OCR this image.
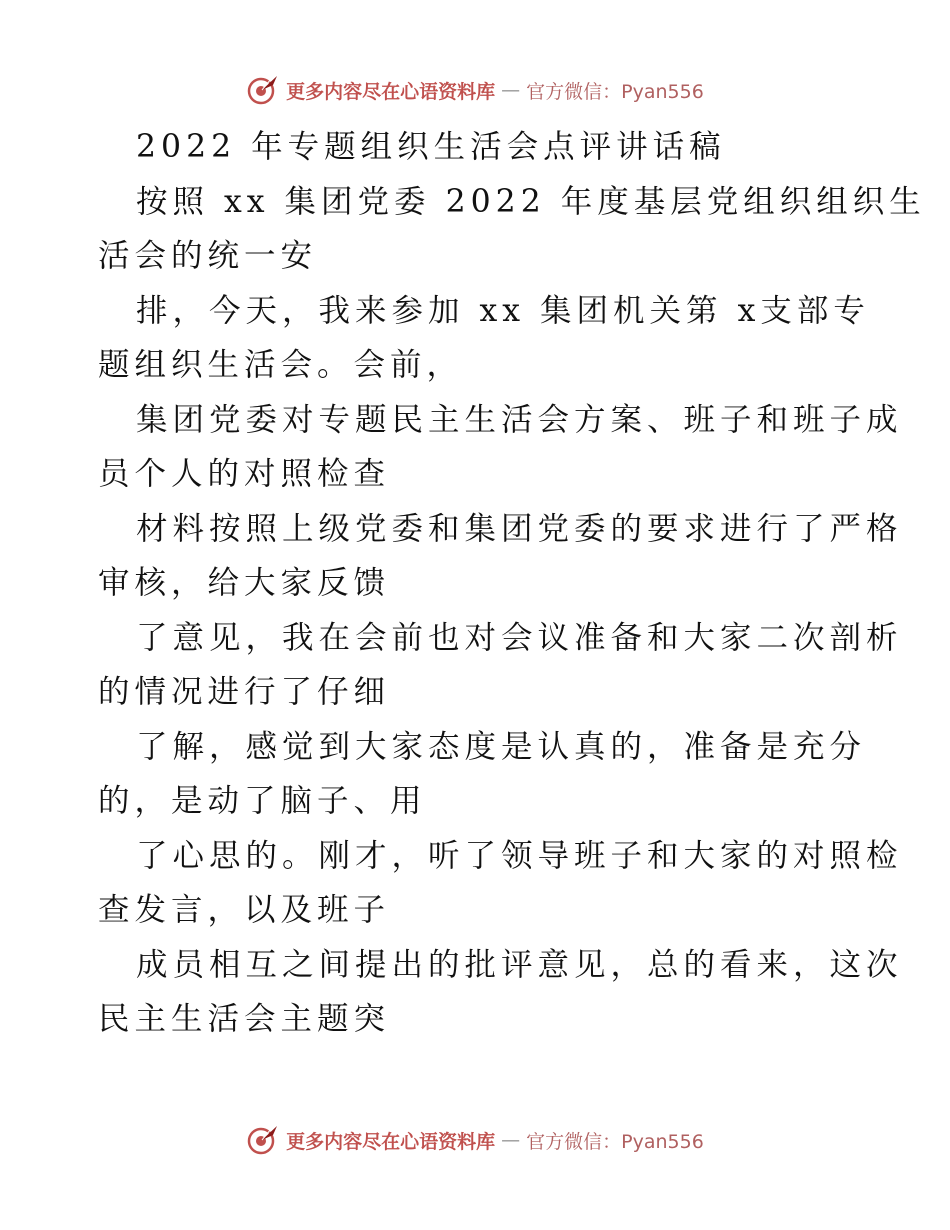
更多内容尽在心语资料库 — 官方微信：Pyan556

2022 年专题组织生活会点评讲话稿

按照 xx 集团党委 2022 年度基层党组织组织生

活会的统一安

排，今天，我来参加 xx 集团机关第 x支部专

题组织生活会。会前，

集团党委对专题民主生活会方案、班子和班子成

员个人的对照检查

材料按照上级党委和集团党委的要求进行了严格

审核，给大家反馈

了意见，我在会前也对会议准备和大家二次剖析

的情况进行了仔细

了解，感觉到大家态度是认真的，准备是充分

的，是动了脑子、用

了心思的。刚才，听了领导班子和大家的对照检

查发言，以及班子

成员相互之间提出的批评意见，总的看来，这次

民主生活会主题突

更多内容尽在心语资料库 — 官方微信：Pyan556
